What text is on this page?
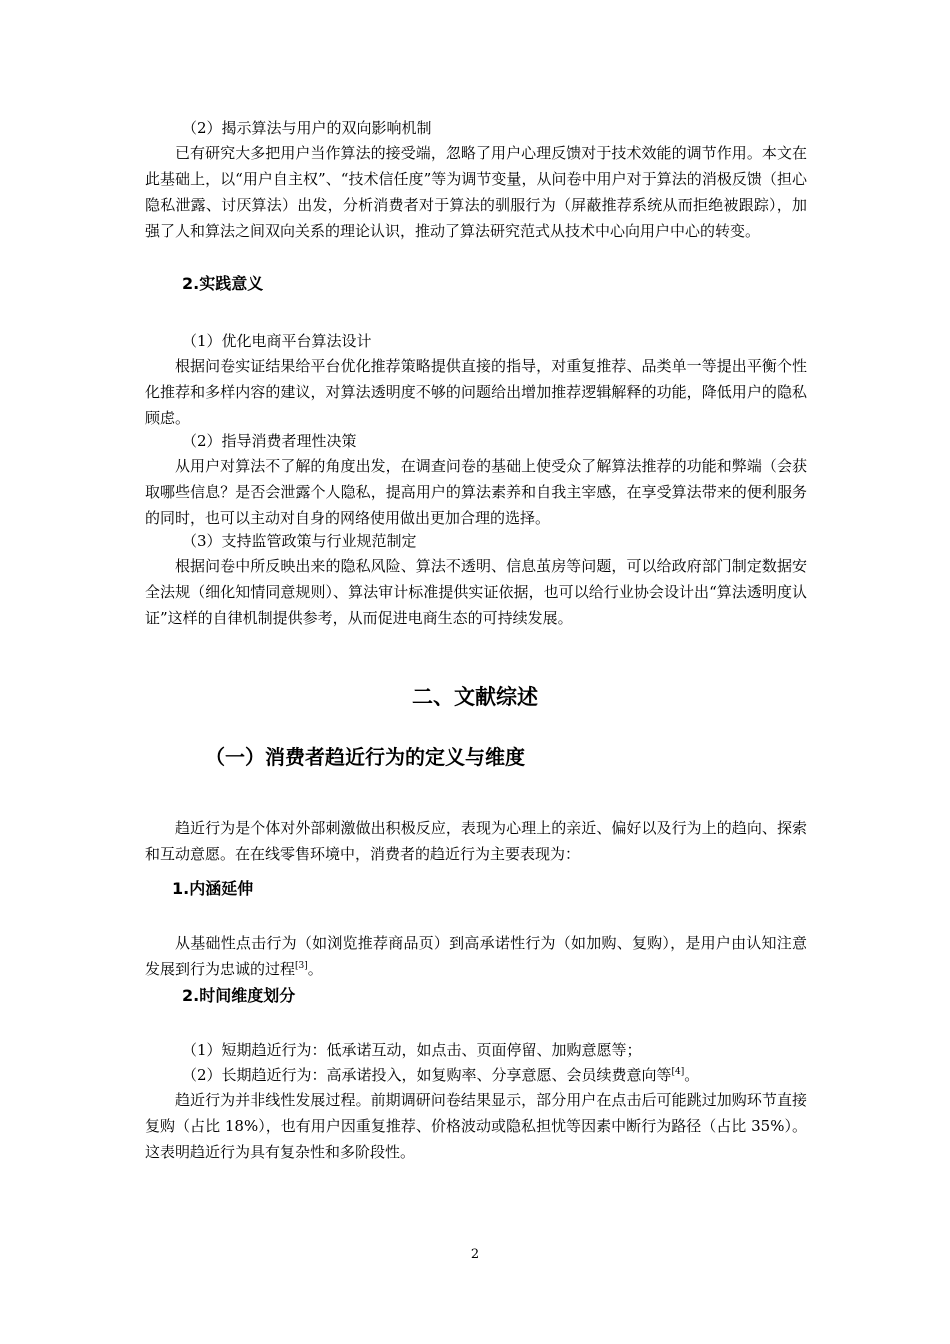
（2）揭示算法与用户的双向影响机制

已有研究大多把用户当作算法的接受端，忽略了用户心理反馈对于技术效能的调节作用。本文在此基础上，以“用户自主权”、“技术信任度”等为调节变量，从问卷中用户对于算法的消极反馈（担心隐私泄露、讨厌算法）出发，分析消费者对于算法的驯服行为（屏蔽推荐系统从而拒绝被跟踪），加强了人和算法之间双向关系的理论认识，推动了算法研究范式从技术中心向用户中心的转变。

2.实践意义

（1）优化电商平台算法设计

根据问卷实证结果给平台优化推荐策略提供直接的指导，对重复推荐、品类单一等提出平衡个性化推荐和多样内容的建议，对算法透明度不够的问题给出增加推荐逻辑解释的功能，降低用户的隐私顾虑。

（2）指导消费者理性决策

从用户对算法不了解的角度出发，在调查问卷的基础上使受众了解算法推荐的功能和弊端（会获取哪些信息？是否会泄露个人隐私，提高用户的算法素养和自我主宰感，在享受算法带来的便利服务的同时，也可以主动对自身的网络使用做出更加合理的选择。

（3）支持监管政策与行业规范制定

根据问卷中所反映出来的隐私风险、算法不透明、信息茧房等问题，可以给政府部门制定数据安全法规（细化知情同意规则）、算法审计标准提供实证依据，也可以给行业协会设计出“算法透明度认证”这样的自律机制提供参考，从而促进电商生态的可持续发展。

二、文献综述
（一）消费者趋近行为的定义与维度

趋近行为是个体对外部刺激做出积极反应，表现为心理上的亲近、偏好以及行为上的趋向、探索和互动意愿。在在线零售环境中，消费者的趋近行为主要表现为：

1.内涵延伸

从基础性点击行为（如浏览推荐商品页）到高承诺性行为（如加购、复购），是用户由认知注意发展到行为忠诚的过程[3]。

2.时间维度划分

（1）短期趋近行为：低承诺互动，如点击、页面停留、加购意愿等；

（2）长期趋近行为：高承诺投入，如复购率、分享意愿、会员续费意向等[4]。

趋近行为并非线性发展过程。前期调研问卷结果显示，部分用户在点击后可能跳过加购环节直接复购（占比 18%），也有用户因重复推荐、价格波动或隐私担忧等因素中断行为路径（占比 35%）。这表明趋近行为具有复杂性和多阶段性。

2
